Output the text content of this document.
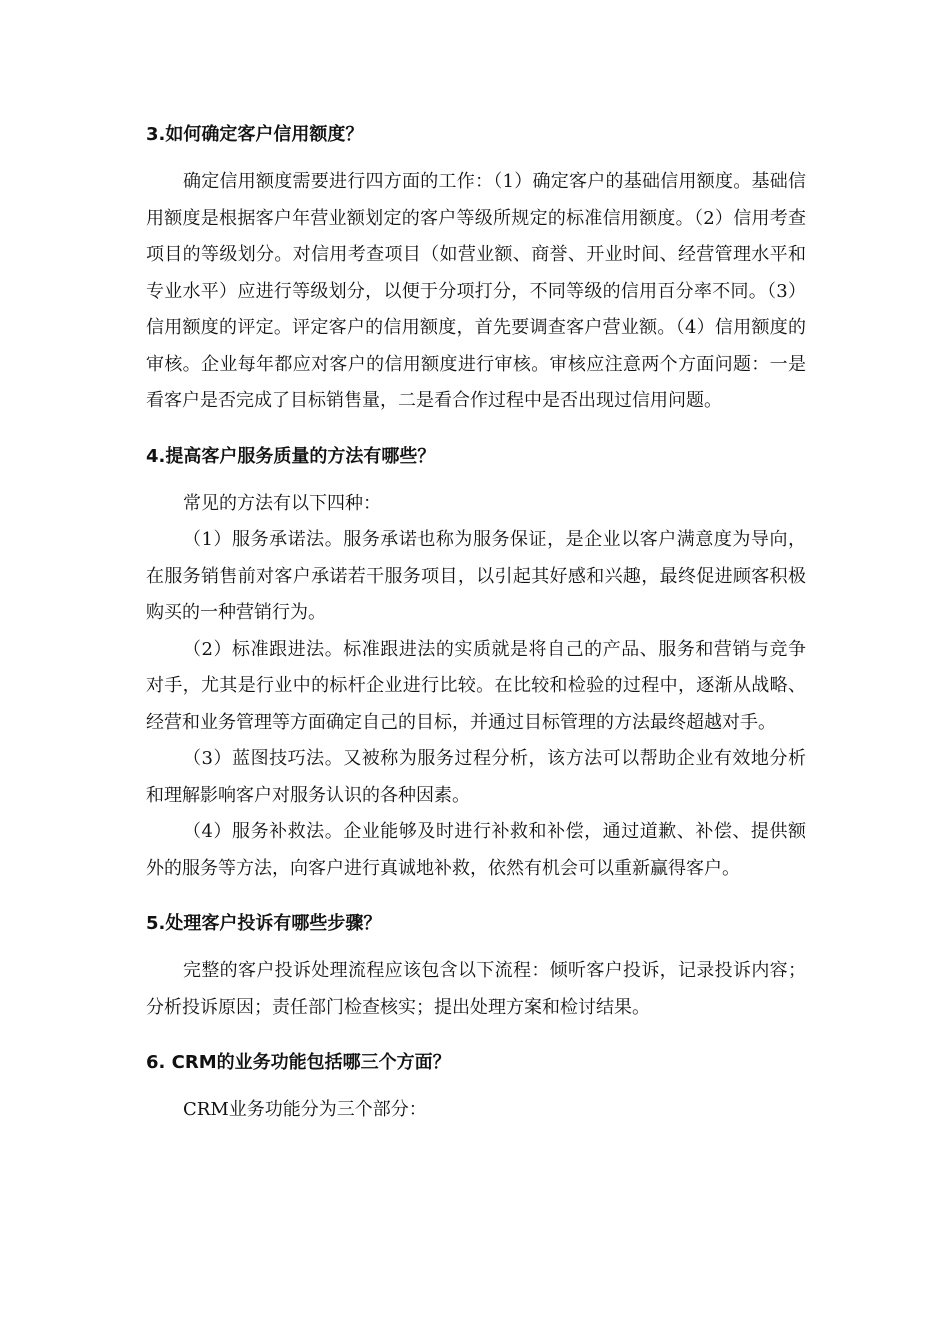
3.如何确定客户信用额度？

确定信用额度需要进行四方面的工作：（1）确定客户的基础信用额度。基础信用额度是根据客户年营业额划定的客户等级所规定的标准信用额度。（2）信用考查项目的等级划分。对信用考查项目（如营业额、商誉、开业时间、经营管理水平和专业水平）应进行等级划分，以便于分项打分，不同等级的信用百分率不同。（3）信用额度的评定。评定客户的信用额度，首先要调查客户营业额。（4）信用额度的审核。企业每年都应对客户的信用额度进行审核。审核应注意两个方面问题：一是看客户是否完成了目标销售量，二是看合作过程中是否出现过信用问题。

4.提高客户服务质量的方法有哪些？

常见的方法有以下四种：

（1）服务承诺法。服务承诺也称为服务保证，是企业以客户满意度为导向，在服务销售前对客户承诺若干服务项目，以引起其好感和兴趣，最终促进顾客积极购买的一种营销行为。

（2）标准跟进法。标准跟进法的实质就是将自己的产品、服务和营销与竞争对手，尤其是行业中的标杆企业进行比较。在比较和检验的过程中，逐渐从战略、经营和业务管理等方面确定自己的目标，并通过目标管理的方法最终超越对手。

（3）蓝图技巧法。又被称为服务过程分析，该方法可以帮助企业有效地分析和理解影响客户对服务认识的各种因素。

（4）服务补救法。企业能够及时进行补救和补偿，通过道歉、补偿、提供额外的服务等方法，向客户进行真诚地补救，依然有机会可以重新赢得客户。

5.处理客户投诉有哪些步骤？

完整的客户投诉处理流程应该包含以下流程：倾听客户投诉，记录投诉内容；分析投诉原因；责任部门检查核实；提出处理方案和检讨结果。

6. CRM的业务功能包括哪三个方面？

CRM业务功能分为三个部分：
